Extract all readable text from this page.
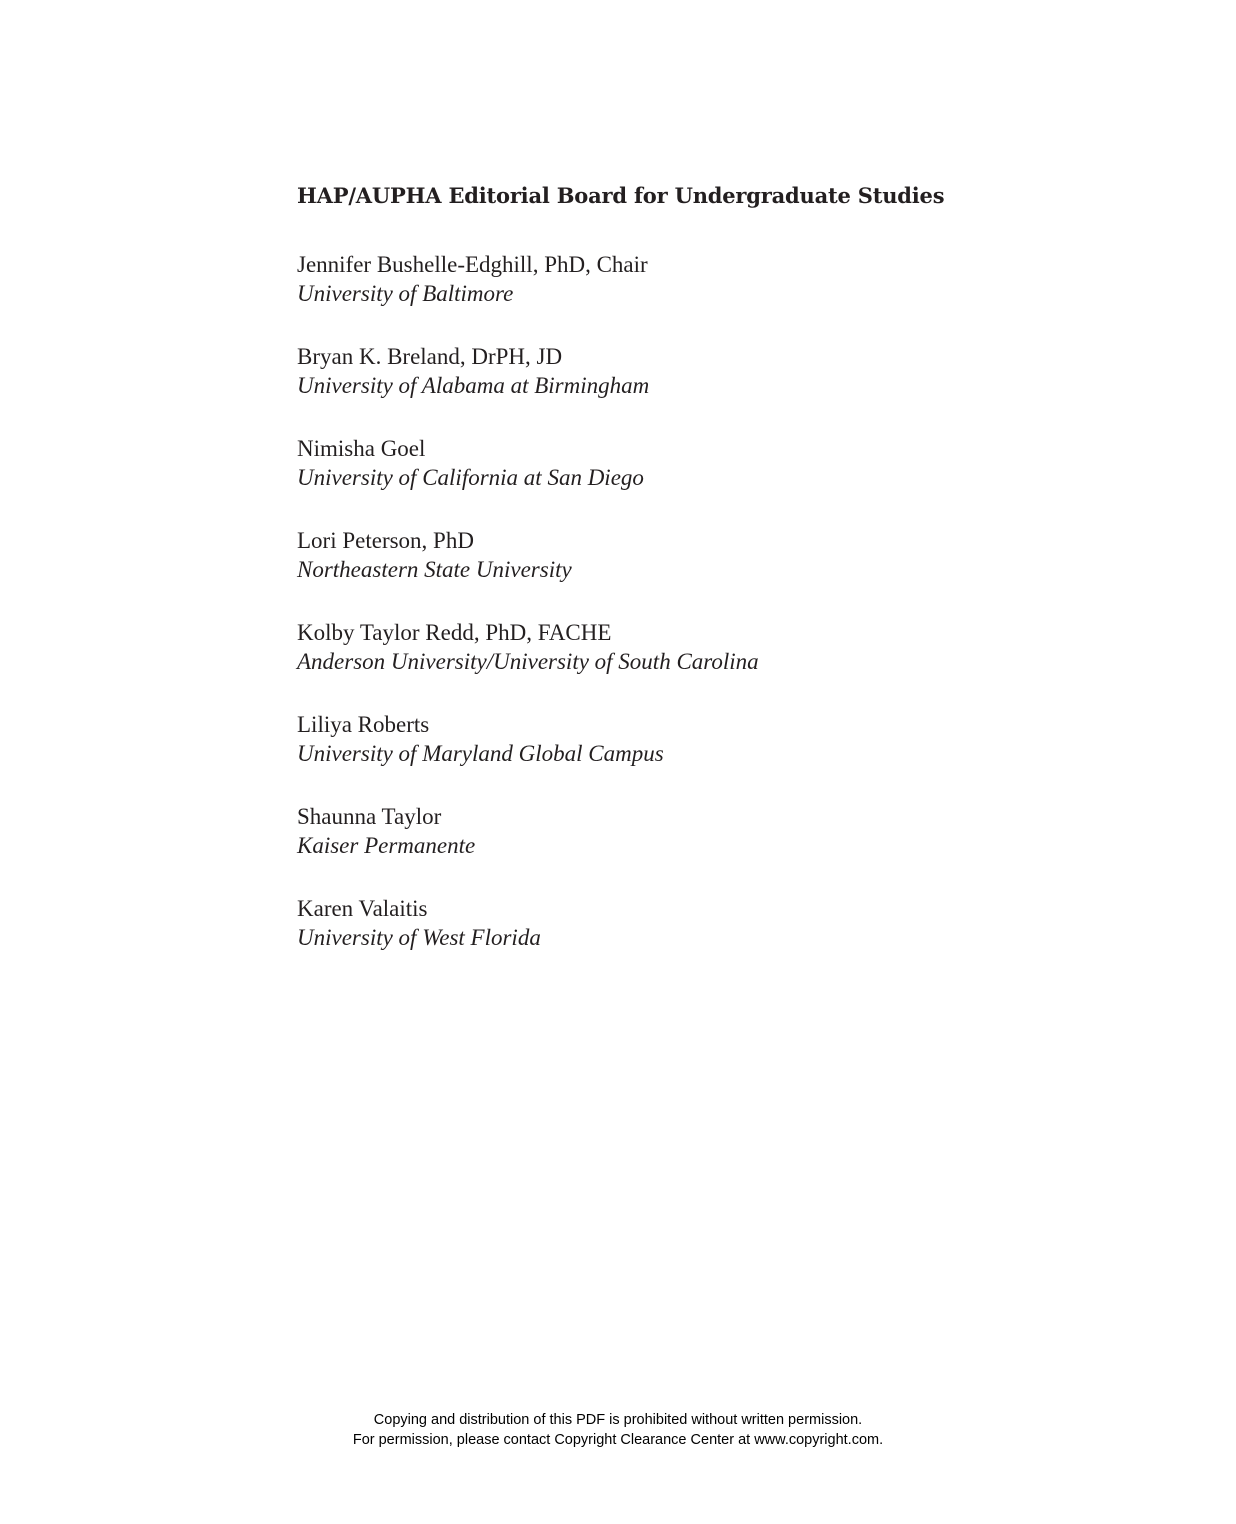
HAP/AUPHA Editorial Board for Undergraduate Studies
Jennifer Bushelle-Edghill, PhD, Chair
University of Baltimore
Bryan K. Breland, DrPH, JD
University of Alabama at Birmingham
Nimisha Goel
University of California at San Diego
Lori Peterson, PhD
Northeastern State University
Kolby Taylor Redd, PhD, FACHE
Anderson University/University of South Carolina
Liliya Roberts
University of Maryland Global Campus
Shaunna Taylor
Kaiser Permanente
Karen Valaitis
University of West Florida
Copying and distribution of this PDF is prohibited without written permission.
For permission, please contact Copyright Clearance Center at www.copyright.com.
